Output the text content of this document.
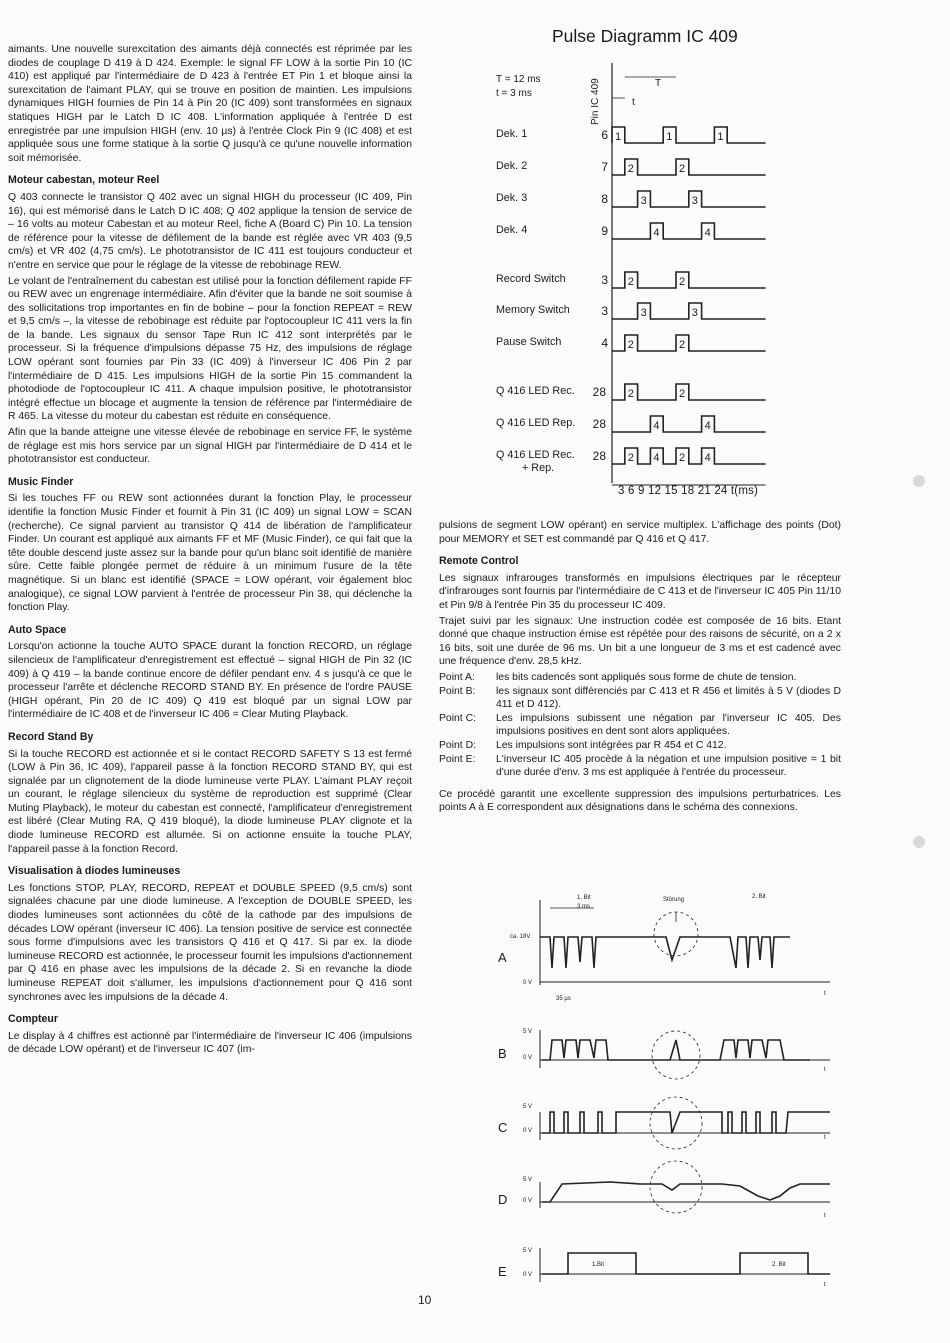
aimants. Une nouvelle surexcitation des aimants déjà connectés est réprimée par les diodes de couplage D 419 à D 424. Exemple: le signal FF LOW à la sortie Pin 10 (IC 410) est appliqué par l'intermédiaire de D 423 à l'entrée ET Pin 1 et bloque ainsi la surexcitation de l'aimant PLAY, qui se trouve en position de maintien. Les impulsions dynamiques HIGH fournies de Pin 14 à Pin 20 (IC 409) sont transformées en signaux statiques HIGH par le Latch D IC 408. L'information appliquée à l'entrée D est enregistrée par une impulsion HIGH (env. 10 µs) à l'entrée Clock Pin 9 (IC 408) et est appliquée sous une forme statique à la sortie Q jusqu'à ce qu'une nouvelle information soit mémorisée.

Moteur cabestan, moteur Reel

Q 403 connecte le transistor Q 402 avec un signal HIGH du processeur (IC 409, Pin 16), qui est mémorisé dans le Latch D IC 408; Q 402 applique la tension de service de – 16 volts au moteur Cabestan et au moteur Reel, fiche A (Board C) Pin 10. La tension de référence pour la vitesse de défilement de la bande est réglée avec VR 403 (9,5 cm/s) et VR 402 (4,75 cm/s). Le phototransistor de IC 411 est toujours conducteur et n'entre en service que pour le réglage de la vitesse de rebobinage REW.

Le volant de l'entraînement du cabestan est utilisé pour la fonction défilement rapide FF ou REW avec un engrenage intermédiaire. Afin d'éviter que la bande ne soit soumise à des sollicitations trop importantes en fin de bobine – pour la fonction REPEAT = REW et 9,5 cm/s –, la vitesse de rebobinage est réduite par l'optocoupleur IC 411 vers la fin de la bande. Les signaux du sensor Tape Run IC 412 sont interprétés par le processeur. Si la fréquence d'impulsions dépasse 75 Hz, des impulsions de réglage LOW opérant sont fournies par Pin 33 (IC 409) à l'inverseur IC 406 Pin 2 par l'intermédiaire de D 415. Les impulsions HIGH de la sortie Pin 15 commandent la photodiode de l'optocoupleur IC 411. A chaque impulsion positive, le phototransistor intégré effectue un blocage et augmente la tension de référence par l'intermédiaire de R 465. La vitesse du moteur du cabestan est réduite en conséquence.

Afin que la bande atteigne une vitesse élevée de rebobinage en service FF, le système de réglage est mis hors service par un signal HIGH par l'intermédiaire de D 414 et le phototransistor est conducteur.

Music Finder

Si les touches FF ou REW sont actionnées durant la fonction Play, le processeur identifie la fonction Music Finder et fournit à Pin 31 (IC 409) un signal LOW = SCAN (recherche). Ce signal parvient au transistor Q 414 de libération de l'amplificateur Finder. Un courant est appliqué aux aimants FF et MF (Music Finder), ce qui fait que la tête double descend juste assez sur la bande pour qu'un blanc soit identifié de manière sûre. Cette faible plongée permet de réduire à un minimum l'usure de la tête magnétique. Si un blanc est identifié (SPACE = LOW opérant, voir également bloc analogique), ce signal LOW parvient à l'entrée de processeur Pin 38, qui déclenche la fonction Play.

Auto Space

Lorsqu'on actionne la touche AUTO SPACE durant la fonction RECORD, un réglage silencieux de l'amplificateur d'enregistrement est effectué – signal HIGH de Pin 32 (IC 409) à Q 419 – la bande continue encore de défiler pendant env. 4 s jusqu'à ce que le processeur l'arrête et déclenche RECORD STAND BY. En présence de l'ordre PAUSE (HIGH opérant, Pin 20 de IC 409) Q 419 est bloqué par un signal LOW par l'intermédiaire de IC 408 et de l'inverseur IC 406 = Clear Muting Playback.

Record Stand By

Si la touche RECORD est actionnée et si le contact RECORD SAFETY S 13 est fermé (LOW à Pin 36, IC 409), l'appareil passe à la fonction RECORD STAND BY, qui est signalée par un clignotement de la diode lumineuse verte PLAY. L'aimant PLAY reçoit un courant, le réglage silencieux du système de reproduction est supprimé (Clear Muting Playback), le moteur du cabestan est connecté, l'amplificateur d'enregistrement est libéré (Clear Muting RA, Q 419 bloqué), la diode lumineuse PLAY clignote et la diode lumineuse RECORD est allumée. Si on actionne ensuite la touche PLAY, l'appareil passe à la fonction Record.

Visualisation à diodes lumineuses

Les fonctions STOP, PLAY, RECORD, REPEAT et DOUBLE SPEED (9,5 cm/s) sont signalées chacune par une diode lumineuse. A l'exception de DOUBLE SPEED, les diodes lumineuses sont actionnées du côté de la cathode par des impulsions de décades LOW opérant (inverseur IC 406). La tension positive de service est connectée sous forme d'impulsions avec les transistors Q 416 et Q 417. Si par ex. la diode lumineuse RECORD est actionnée, le processeur fournit les impulsions d'actionnement par Q 416 en phase avec les impulsions de la décade 2. Si en revanche la diode lumineuse REPEAT doit s'allumer, les impulsions d'actionnement pour Q 416 sont synchrones avec les impulsions de la décade 4.

Compteur

Le display à 4 chiffres est actionné par l'intermédiaire de l'inverseur IC 406 (impulsions de décade LOW opérant) et de l'inverseur IC 407 (im-

Pulse Diagramm IC 409
T = 12 ms
t = 3 ms	Pin IC 409	T
t
Dek. 1	6
Dek. 2	7
Dek. 3	8
Dek. 4	9
Record Switch	3
Memory Switch	3
Pause Switch	4
Q 416 LED Rec. 28
Q 416 LED Rep. 28
Q 416 LED Rec.
+ Rep.
28
1	1	1
2	2
3	3
4	4
2	2
3	3
2	2
2	2
4	4
2 4 2 4
3 6 9 12 15 18 21 24 t(ms)

pulsions de segment LOW opérant) en service multiplex. L'affichage des points (Dot) pour MEMORY et SET est commandé par Q 416 et Q 417.

Remote Control

Les signaux infrarouges transformés en impulsions électriques par le récepteur d'infrarouges sont fournis par l'intermédiaire de C 413 et de l'inverseur IC 405 Pin 11/10 et Pin 9/8 à l'entrée Pin 35 du processeur IC 409.

Trajet suivi par les signaux: Une instruction codée est composée de 16 bits. Etant donné que chaque instruction émise est répétée pour des raisons de sécurité, on a 2 x 16 bits, soit une durée de 96 ms. Un bit a une longueur de 3 ms et est cadencé avec une fréquence d'env. 28,5 kHz.

Point A:	les bits cadencés sont appliqués sous forme de chute de tension.
Point B:	les signaux sont différenciés par C 413 et R 456 et limités à 5 V (diodes D 411 et D 412).
Point C:	Les impulsions subissent une négation par l'inverseur IC 405. Des impulsions positives en dent sont alors appliquées.
Point D:	Les impulsions sont intégrées par R 454 et C 412.
Point E:	L'inverseur IC 405 procède à la négation et une impulsion positive = 1 bit d'une durée d'env. 3 ms est appliquée à l'entrée du processeur.

Ce procédé garantit une excellente suppression des impulsions perturbatrices. Les points A à E correspondent aux désignations dans le schéma des connexions.

1. Bit
3 ms
Störung	2. Bit
ca. 18V
0 V
35 µs
t
5 V
0 V
t
5 V
0 V
t
5 V
0 V
t
5 V
0 V
1.Bit	2. Bit
t
A
B
C
D
E
10
